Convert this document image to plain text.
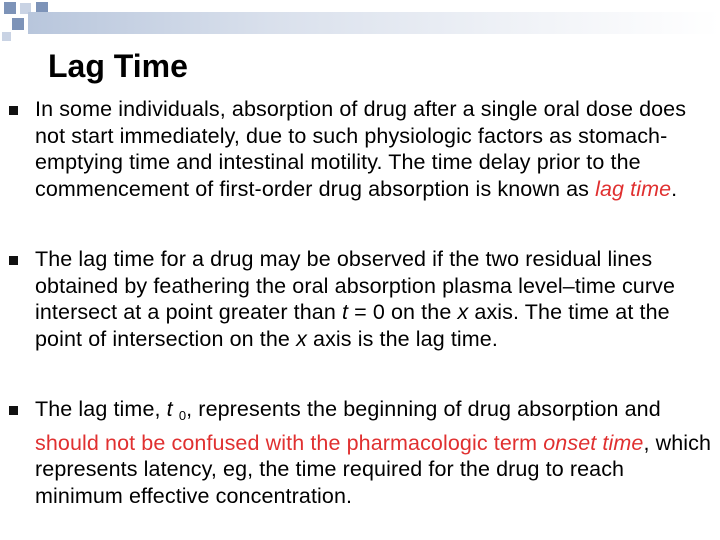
Lag Time
In some individuals, absorption of drug after a single oral dose does not start immediately, due to such physiologic factors as stomach-emptying time and intestinal motility. The time delay prior to the commencement of first-order drug absorption is known as lag time.
The lag time for a drug may be observed if the two residual lines obtained by feathering the oral absorption plasma level–time curve intersect at a point greater than t = 0 on the x axis. The time at the point of intersection on the x axis is the lag time.
The lag time, t $_0$, represents the beginning of drug absorption and should not be confused with the pharmacologic term onset time, which represents latency, eg, the time required for the drug to reach minimum effective concentration.
